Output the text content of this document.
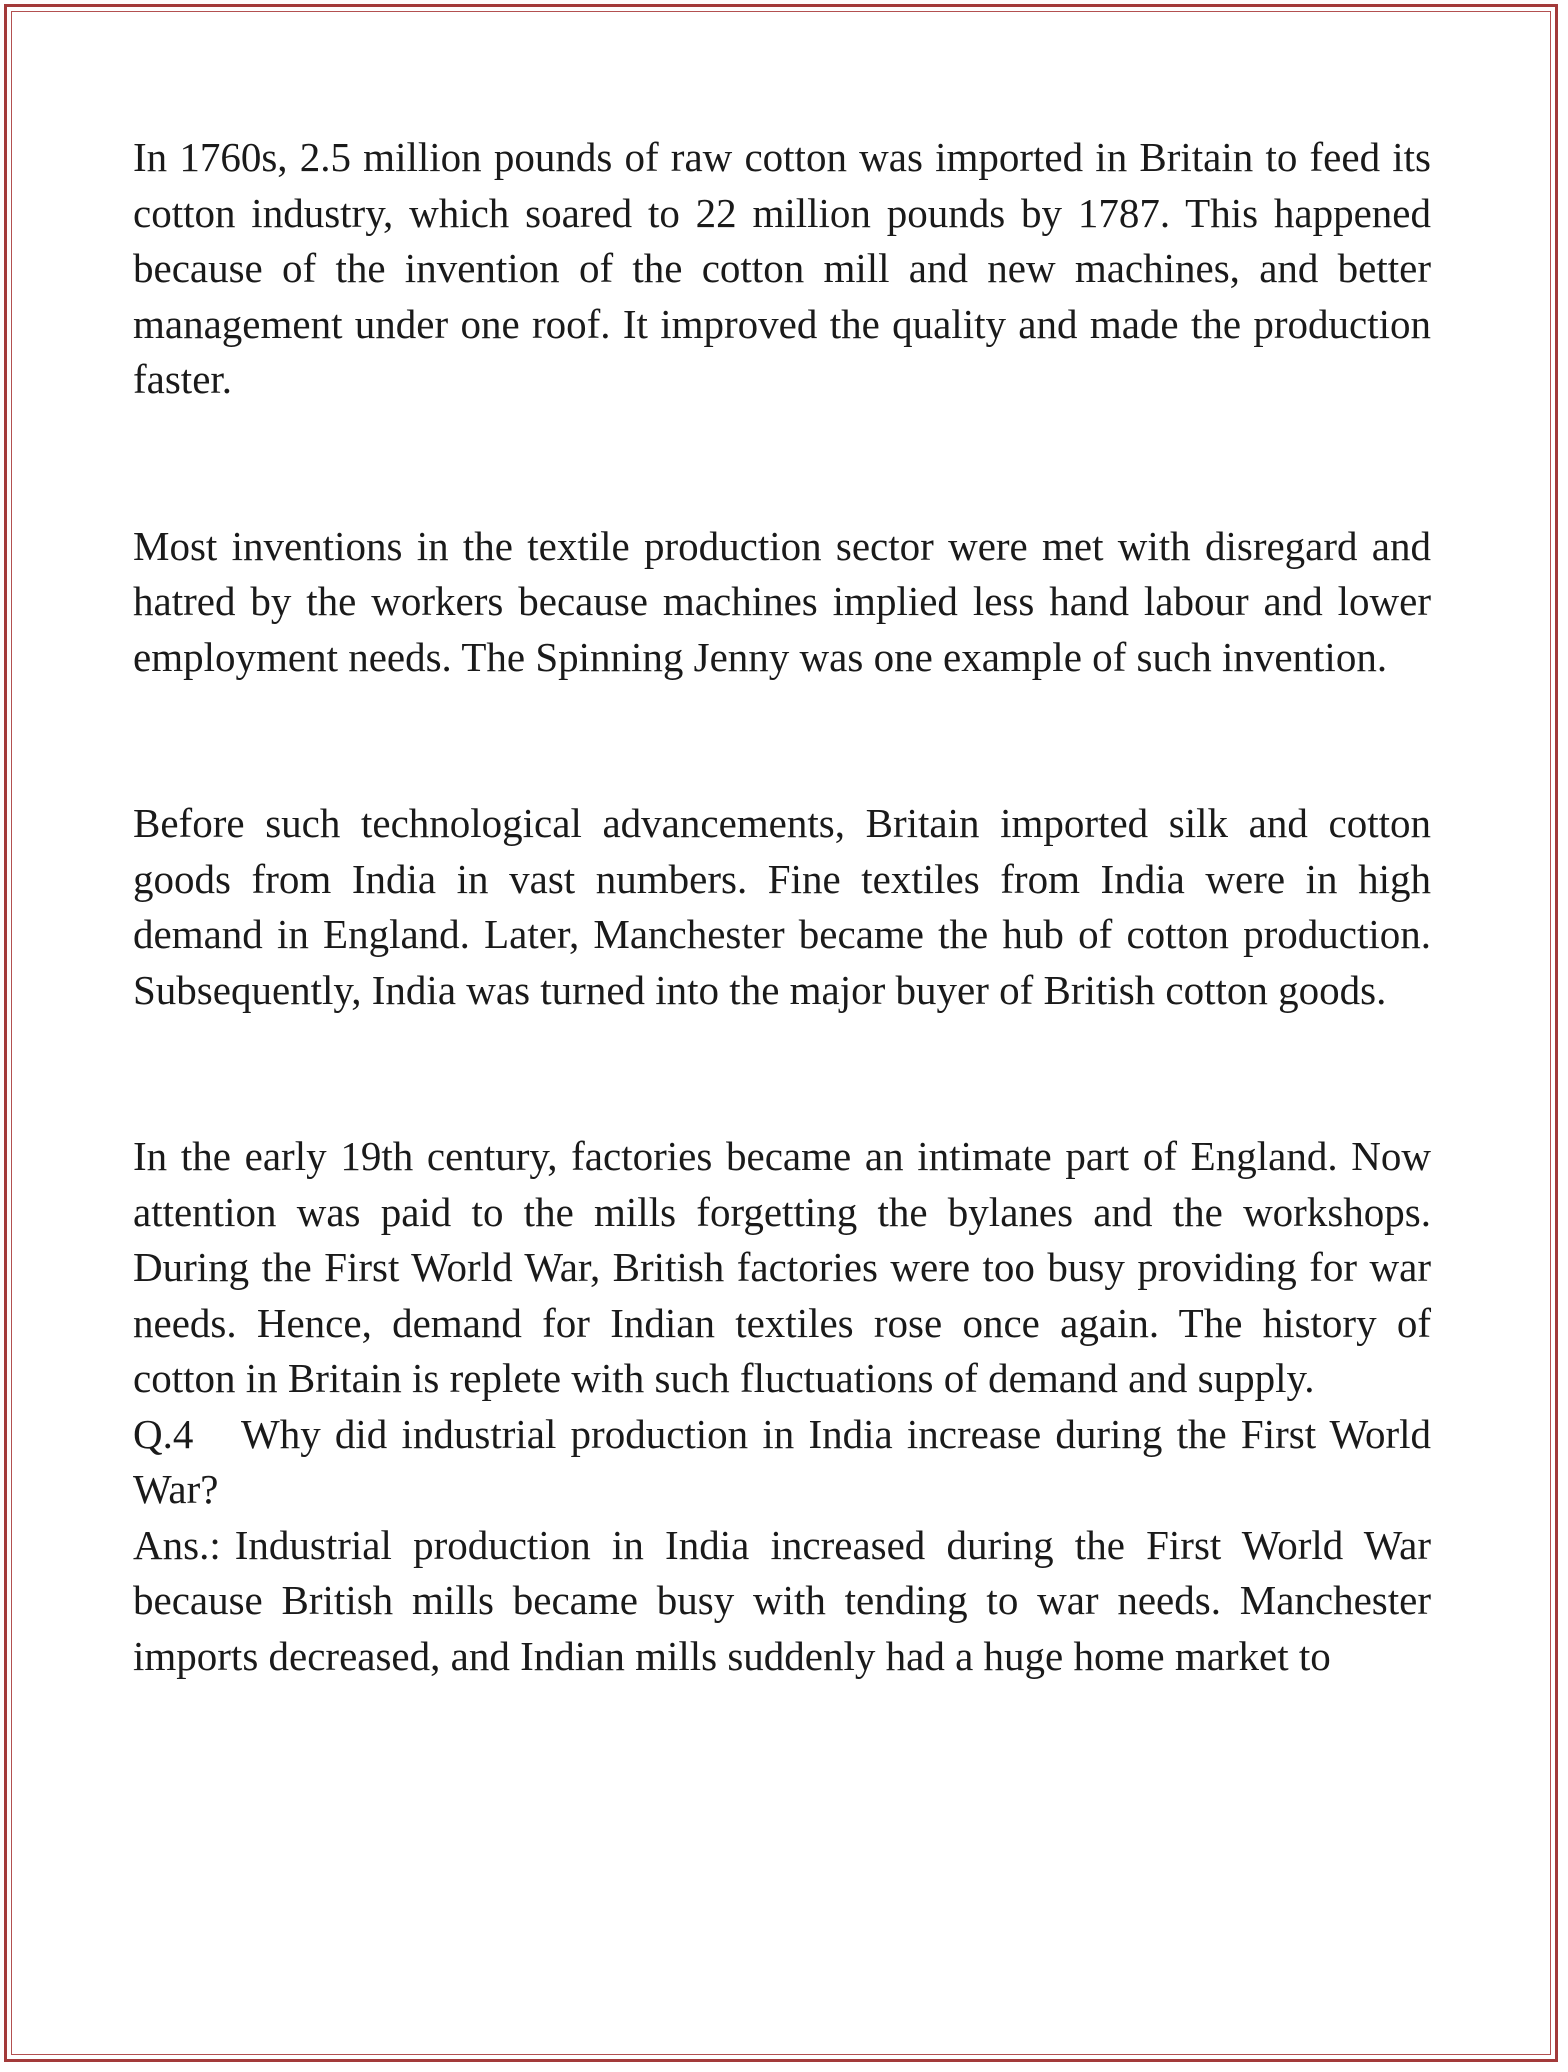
In 1760s, 2.5 million pounds of raw cotton was imported in Britain to feed its cotton industry, which soared to 22 million pounds by 1787. This happened because of the invention of the cotton mill and new machines, and better management under one roof. It improved the quality and made the production faster.

Most inventions in the textile production sector were met with disregard and hatred by the workers because machines implied less hand labour and lower employment needs. The Spinning Jenny was one example of such invention.

Before such technological advancements, Britain imported silk and cotton goods from India in vast numbers. Fine textiles from India were in high demand in England. Later, Manchester became the hub of cotton production. Subsequently, India was turned into the major buyer of British cotton goods.

In the early 19th century, factories became an intimate part of England. Now attention was paid to the mills forgetting the bylanes and the workshops. During the First World War, British factories were too busy providing for war needs. Hence, demand for Indian textiles rose once again. The history of cotton in Britain is replete with such fluctuations of demand and supply.

Q.4 Why did industrial production in India increase during the First World War?

Ans.: Industrial production in India increased during the First World War because British mills became busy with tending to war needs. Manchester imports decreased, and Indian mills suddenly had a huge home market to
